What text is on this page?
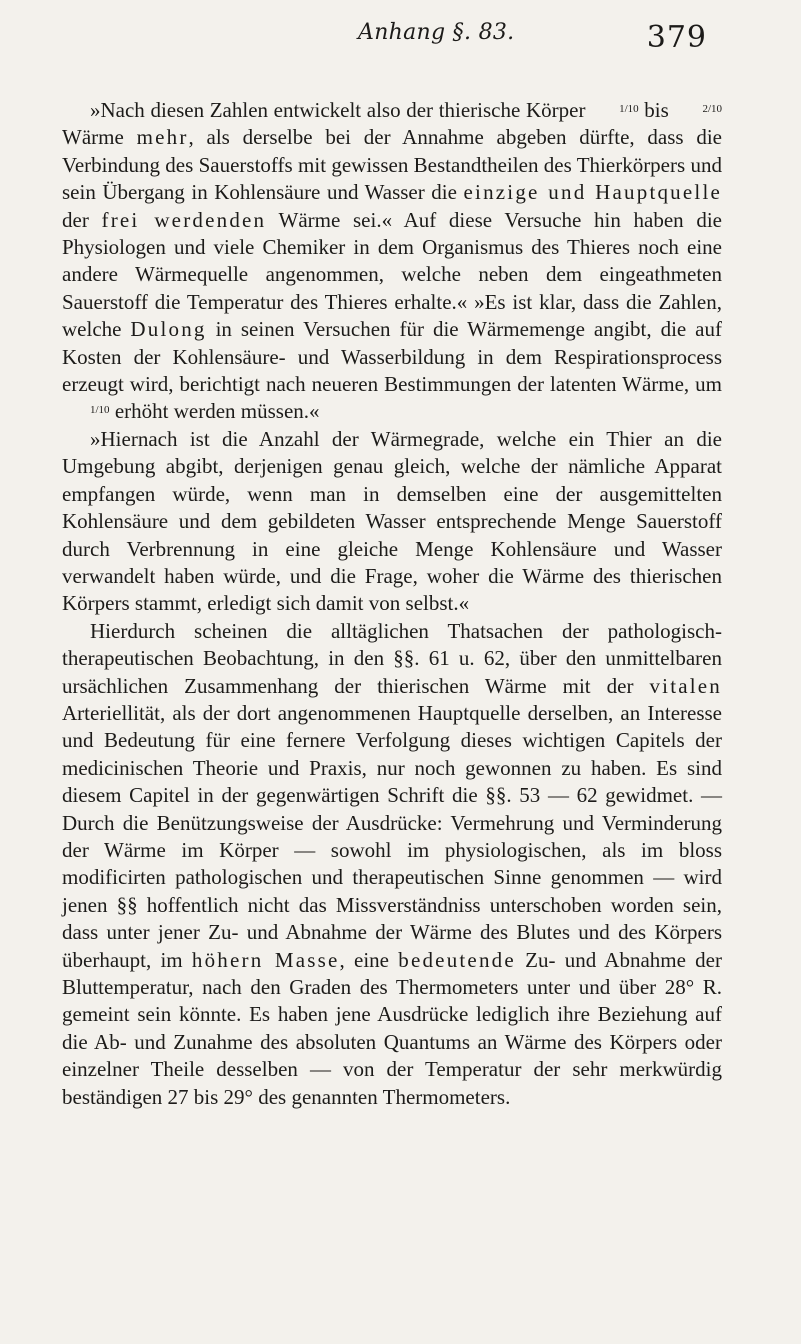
Anhang §. 83.	379

»Nach diesen Zahlen entwickelt also der thierische Körper	1/10 bis	2/10 Wärme mehr, als derselbe bei der Annahme abgeben dürfte, dass die Verbindung des Sauerstoffs mit gewissen Bestandtheilen des Thierkörpers und sein Übergang in Kohlensäure und Wasser die einzige und Hauptquelle der frei werdenden Wärme sei.« Auf diese Versuche hin haben die Physiologen und viele Chemiker in dem Organismus des Thieres noch eine andere Wärmequelle angenommen, welche neben dem eingeathmeten Sauerstoff die Temperatur des Thieres erhalte.« »Es ist klar, dass die Zahlen, welche Dulong in seinen Versuchen für die Wärmemenge angibt, die auf Kosten der Kohlensäure- und Wasserbildung in dem Respirationsprocess erzeugt wird, berichtigt nach neueren Bestimmungen der latenten Wärme, um 1/10 erhöht werden müssen.«

»Hiernach ist die Anzahl der Wärmegrade, welche ein Thier an die Umgebung abgibt, derjenigen genau gleich, welche der nämliche Apparat empfangen würde, wenn man in demselben eine der ausgemittelten Kohlensäure und dem gebildeten Wasser entsprechende Menge Sauerstoff durch Verbrennung in eine gleiche Menge Kohlensäure und Wasser verwandelt haben würde, und die Frage, woher die Wärme des thierischen Körpers stammt, erledigt sich damit von selbst.«

Hierdurch scheinen die alltäglichen Thatsachen der pathologisch-therapeutischen Beobachtung, in den §§. 61 u. 62, über den unmittelbaren ursächlichen Zusammenhang der thierischen Wärme mit der vitalen Arteriellität, als der dort angenommenen Hauptquelle derselben, an Interesse und Bedeutung für eine fernere Verfolgung dieses wichtigen Capitels der medicinischen Theorie und Praxis, nur noch gewonnen zu haben. Es sind diesem Capitel in der gegenwärtigen Schrift die §§. 53 — 62 gewidmet. — Durch die Benützungsweise der Ausdrücke: Vermehrung und Verminderung der Wärme im Körper — sowohl im physiologischen, als im bloss modificirten pathologischen und therapeutischen Sinne genommen — wird jenen §§ hoffentlich nicht das Missverständniss unterschoben worden sein, dass unter jener Zu- und Abnahme der Wärme des Blutes und des Körpers überhaupt, im höhern Masse, eine bedeutende Zu- und Abnahme der Bluttemperatur, nach den Graden des Thermometers unter und über 28° R. gemeint sein könnte. Es haben jene Ausdrücke lediglich ihre Beziehung auf die Ab- und Zunahme des absoluten Quantums an Wärme des Körpers oder einzelner Theile desselben — von der Temperatur der sehr merkwürdig beständigen 27 bis 29° des genannten Thermometers.
